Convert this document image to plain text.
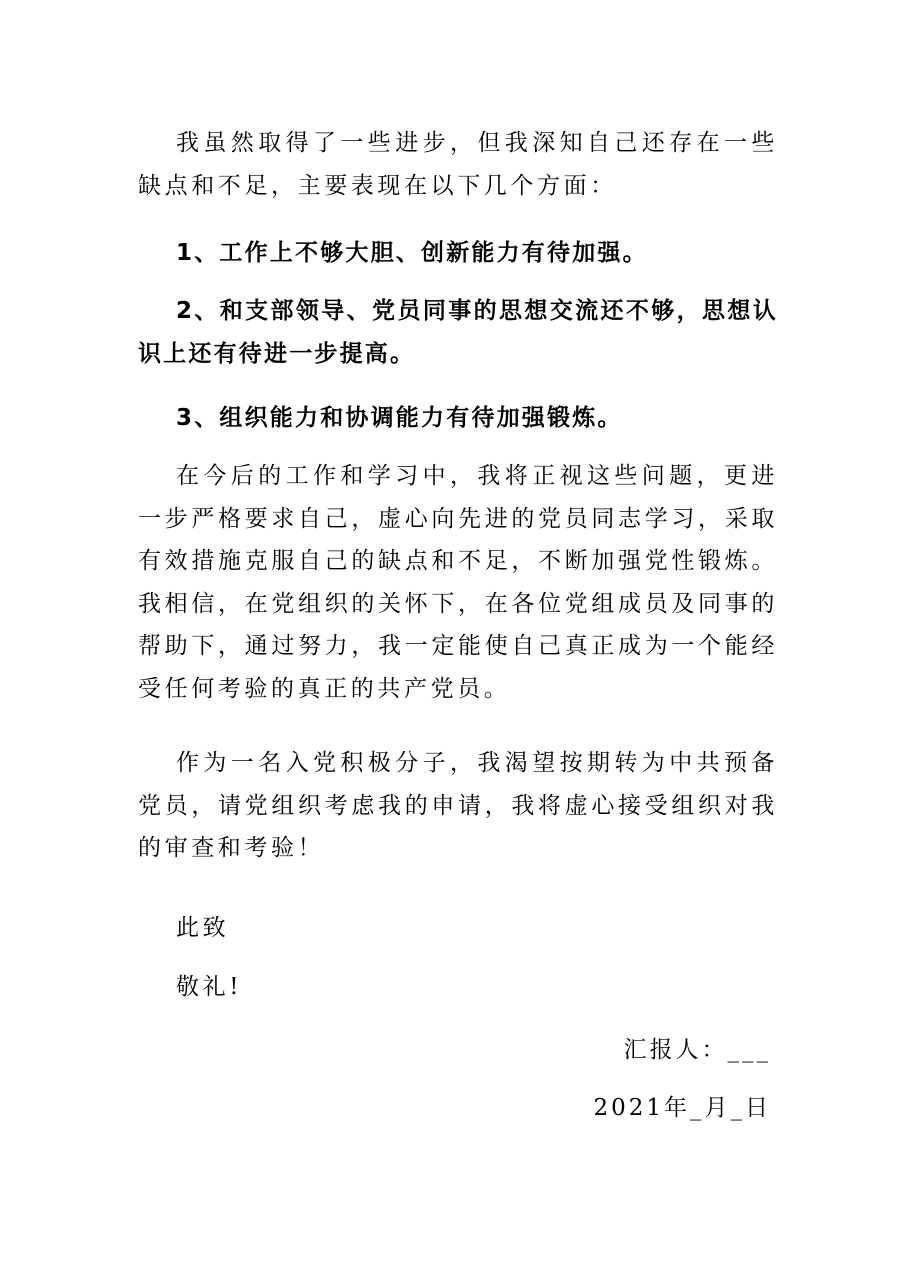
我虽然取得了一些进步，但我深知自己还存在一些缺点和不足，主要表现在以下几个方面：

1、工作上不够大胆、创新能力有待加强。

2、和支部领导、党员同事的思想交流还不够，思想认识上还有待进一步提高。

3、组织能力和协调能力有待加强锻炼。

在今后的工作和学习中，我将正视这些问题，更进一步严格要求自己，虚心向先进的党员同志学习，采取有效措施克服自己的缺点和不足，不断加强党性锻炼。我相信，在党组织的关怀下，在各位党组成员及同事的帮助下，通过努力，我一定能使自己真正成为一个能经受任何考验的真正的共产党员。

作为一名入党积极分子，我渴望按期转为中共预备党员，请党组织考虑我的申请，我将虚心接受组织对我的审查和考验！

此致

敬礼!

汇报人：___
2021年_月_日
